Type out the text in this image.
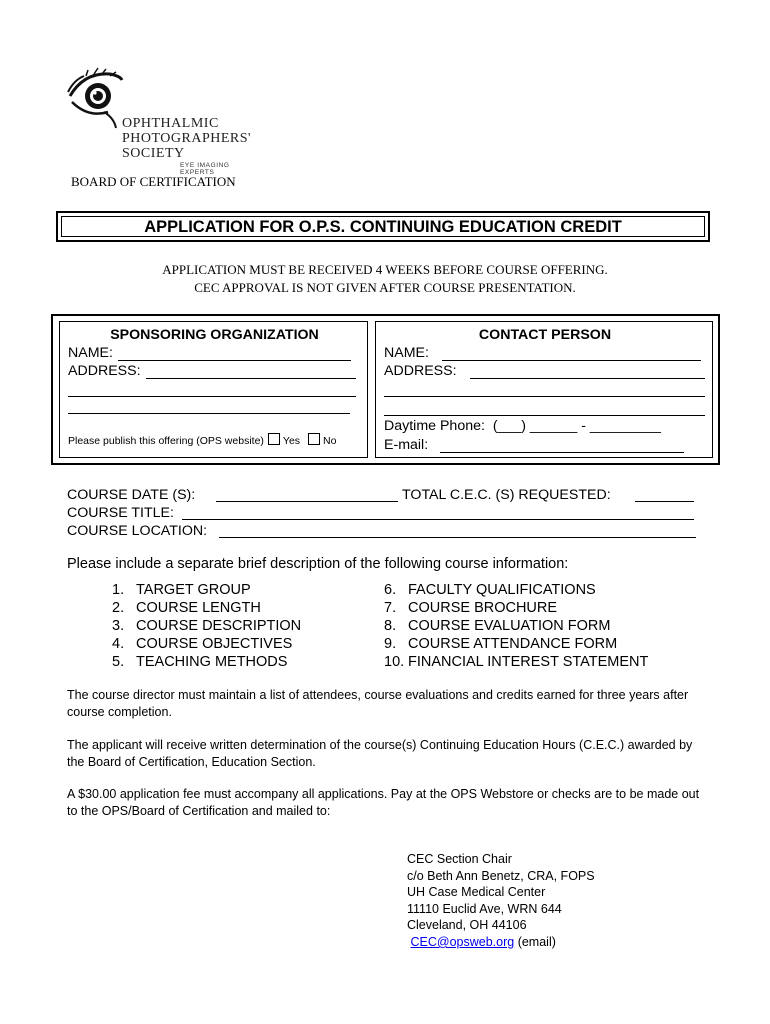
OPHTHALMIC
PHOTOGRAPHERS'
SOCIETY
EYE IMAGING EXPERTS
BOARD OF CERTIFICATION
APPLICATION FOR O.P.S. CONTINUING EDUCATION CREDIT
APPLICATION MUST BE RECEIVED 4 WEEKS BEFORE COURSE OFFERING.
CEC APPROVAL IS NOT GIVEN AFTER COURSE PRESENTATION.
SPONSORING ORGANIZATION
NAME:
ADDRESS:
Please publish this offering (OPS website) Yes No
CONTACT PERSON
NAME:
ADDRESS:
Daytime Phone: (___) ______ - _________
E-mail:
COURSE DATE (S):	TOTAL C.E.C. (S) REQUESTED:
COURSE TITLE:
COURSE LOCATION:
Please include a separate brief description of the following course information:
1. TARGET GROUP
2. COURSE LENGTH
3. COURSE DESCRIPTION
4. COURSE OBJECTIVES
5. TEACHING METHODS
6. FACULTY QUALIFICATIONS
7. COURSE BROCHURE
8. COURSE EVALUATION FORM
9. COURSE ATTENDANCE FORM
10. FINANCIAL INTEREST STATEMENT
The course director must maintain a list of attendees, course evaluations and credits earned for three years after course completion.
The applicant will receive written determination of the course(s) Continuing Education Hours (C.E.C.) awarded by the Board of Certification, Education Section.
A $30.00 application fee must accompany all applications. Pay at the OPS Webstore or checks are to be made out to the OPS/Board of Certification and mailed to:
CEC Section Chair
c/o Beth Ann Benetz, CRA, FOPS
UH Case Medical Center
11110 Euclid Ave, WRN 644
Cleveland, OH 44106
CEC@opsweb.org (email)
